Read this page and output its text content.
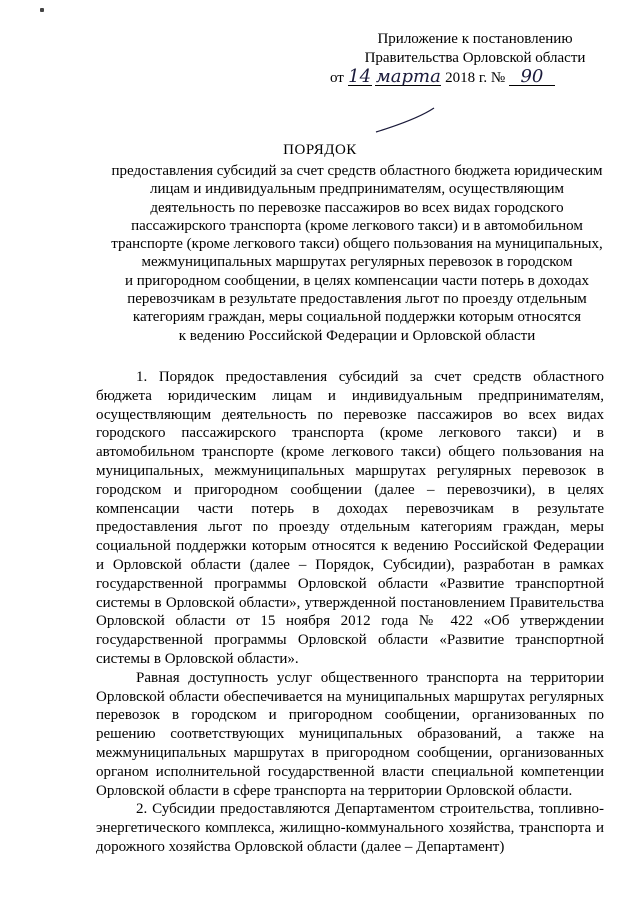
Приложение к постановлению
Правительства Орловской области
от 14 марта 2018 г. № 90
ПОРЯДОК
предоставления субсидий за счет средств областного бюджета юридическим
лицам и индивидуальным предпринимателям, осуществляющим
деятельность по перевозке пассажиров во всех видах городского
пассажирского транспорта (кроме легкового такси) и в автомобильном
транспорте (кроме легкового такси) общего пользования на муниципальных,
межмуниципальных маршрутах регулярных перевозок в городском
и пригородном сообщении, в целях компенсации части потерь в доходах
перевозчикам в результате предоставления льгот по проезду отдельным
категориям граждан, меры социальной поддержки которым относятся
к ведению Российской Федерации и Орловской области

1. Порядок предоставления субсидий за счет средств областного бюджета юридическим лицам и индивидуальным предпринимателям, осуществляющим деятельность по перевозке пассажиров во всех видах городского пассажирского транспорта (кроме легкового такси) и в автомобильном транспорте (кроме легкового такси) общего пользования на муниципальных, межмуниципальных маршрутах регулярных перевозок в городском и пригородном сообщении (далее – перевозчики), в целях компенсации части потерь в доходах перевозчикам в результате предоставления льгот по проезду отдельным категориям граждан, меры социальной поддержки которым относятся к ведению Российской Федерации и Орловской области (далее – Порядок, Субсидии), разработан в рамках государственной программы Орловской области «Развитие транспортной системы в Орловской области», утвержденной постановлением Правительства Орловской области от 15 ноября 2012 года № 422 «Об утверждении государственной программы Орловской области «Развитие транспортной системы в Орловской области».

Равная доступность услуг общественного транспорта на территории Орловской области обеспечивается на муниципальных маршрутах регулярных перевозок в городском и пригородном сообщении, организованных по решению соответствующих муниципальных образований, а также на межмуниципальных маршрутах в пригородном сообщении, организованных органом исполнительной государственной власти специальной компетенции Орловской области в сфере транспорта на территории Орловской области.

2. Субсидии предоставляются Департаментом строительства, топливно-энергетического комплекса, жилищно-коммунального хозяйства, транспорта и дорожного хозяйства Орловской области (далее – Департамент)
